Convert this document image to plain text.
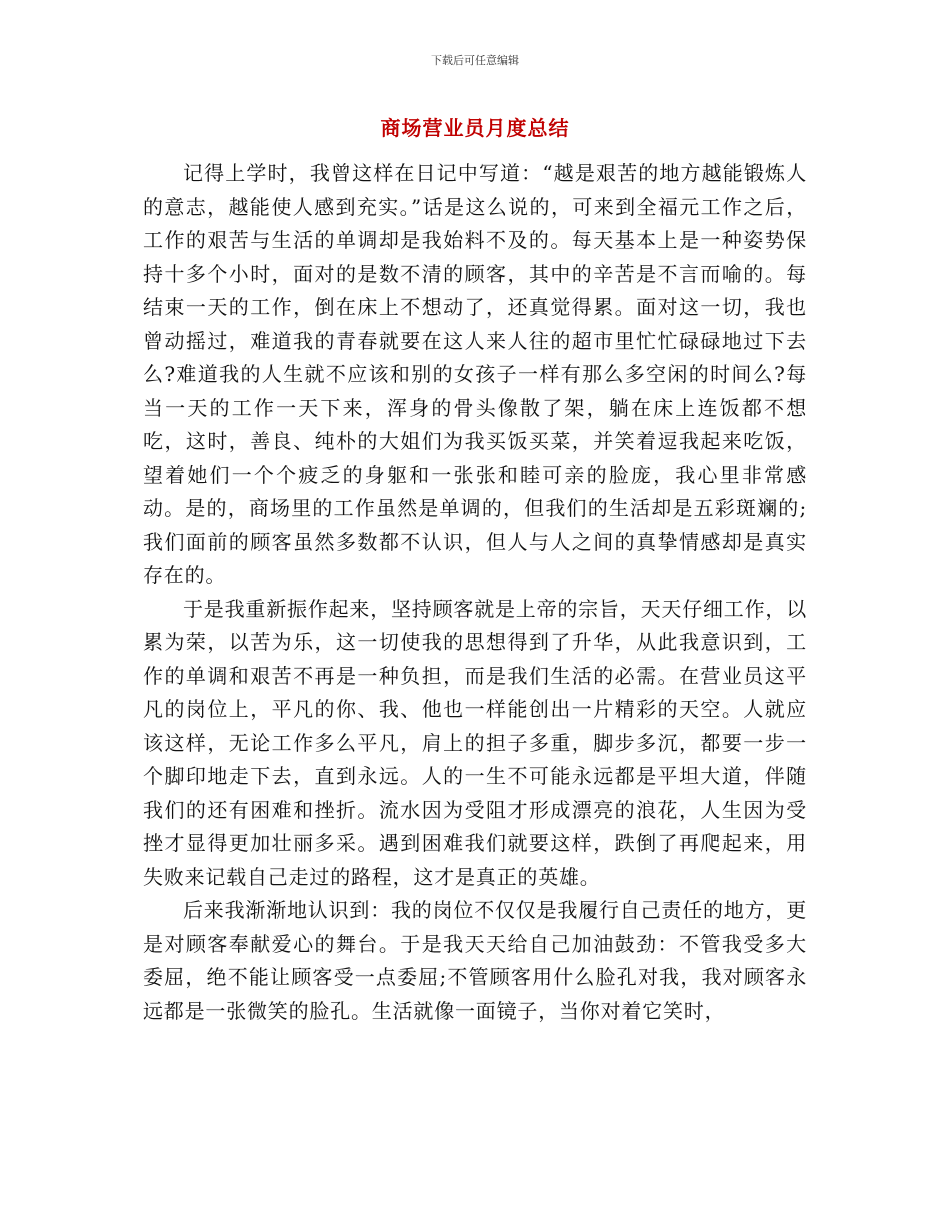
下载后可任意编辑
商场营业员月度总结

记得上学时，我曾这样在日记中写道：“越是艰苦的地方越能锻炼人的意志，越能使人感到充实。”话是这么说的，可来到全福元工作之后，工作的艰苦与生活的单调却是我始料不及的。每天基本上是一种姿势保持十多个小时，面对的是数不清的顾客，其中的辛苦是不言而喻的。每结束一天的工作，倒在床上不想动了，还真觉得累。面对这一切，我也曾动摇过，难道我的青春就要在这人来人往的超市里忙忙碌碌地过下去么?难道我的人生就不应该和别的女孩子一样有那么多空闲的时间么?每当一天的工作一天下来，浑身的骨头像散了架，躺在床上连饭都不想吃，这时，善良、纯朴的大姐们为我买饭买菜，并笑着逗我起来吃饭，望着她们一个个疲乏的身躯和一张张和睦可亲的脸庞，我心里非常感动。是的，商场里的工作虽然是单调的，但我们的生活却是五彩斑斓的;我们面前的顾客虽然多数都不认识，但人与人之间的真挚情感却是真实存在的。

于是我重新振作起来，坚持顾客就是上帝的宗旨，天天仔细工作，以累为荣，以苦为乐，这一切使我的思想得到了升华，从此我意识到，工作的单调和艰苦不再是一种负担，而是我们生活的必需。在营业员这平凡的岗位上，平凡的你、我、他也一样能创出一片精彩的天空。人就应该这样，无论工作多么平凡，肩上的担子多重，脚步多沉，都要一步一个脚印地走下去，直到永远。人的一生不可能永远都是平坦大道，伴随我们的还有困难和挫折。流水因为受阻才形成漂亮的浪花，人生因为受挫才显得更加壮丽多采。遇到困难我们就要这样，跌倒了再爬起来，用失败来记载自己走过的路程，这才是真正的英雄。

后来我渐渐地认识到：我的岗位不仅仅是我履行自己责任的地方，更是对顾客奉献爱心的舞台。于是我天天给自己加油鼓劲：不管我受多大委屈，绝不能让顾客受一点委屈;不管顾客用什么脸孔对我，我对顾客永远都是一张微笑的脸孔。生活就像一面镜子，当你对着它笑时，
